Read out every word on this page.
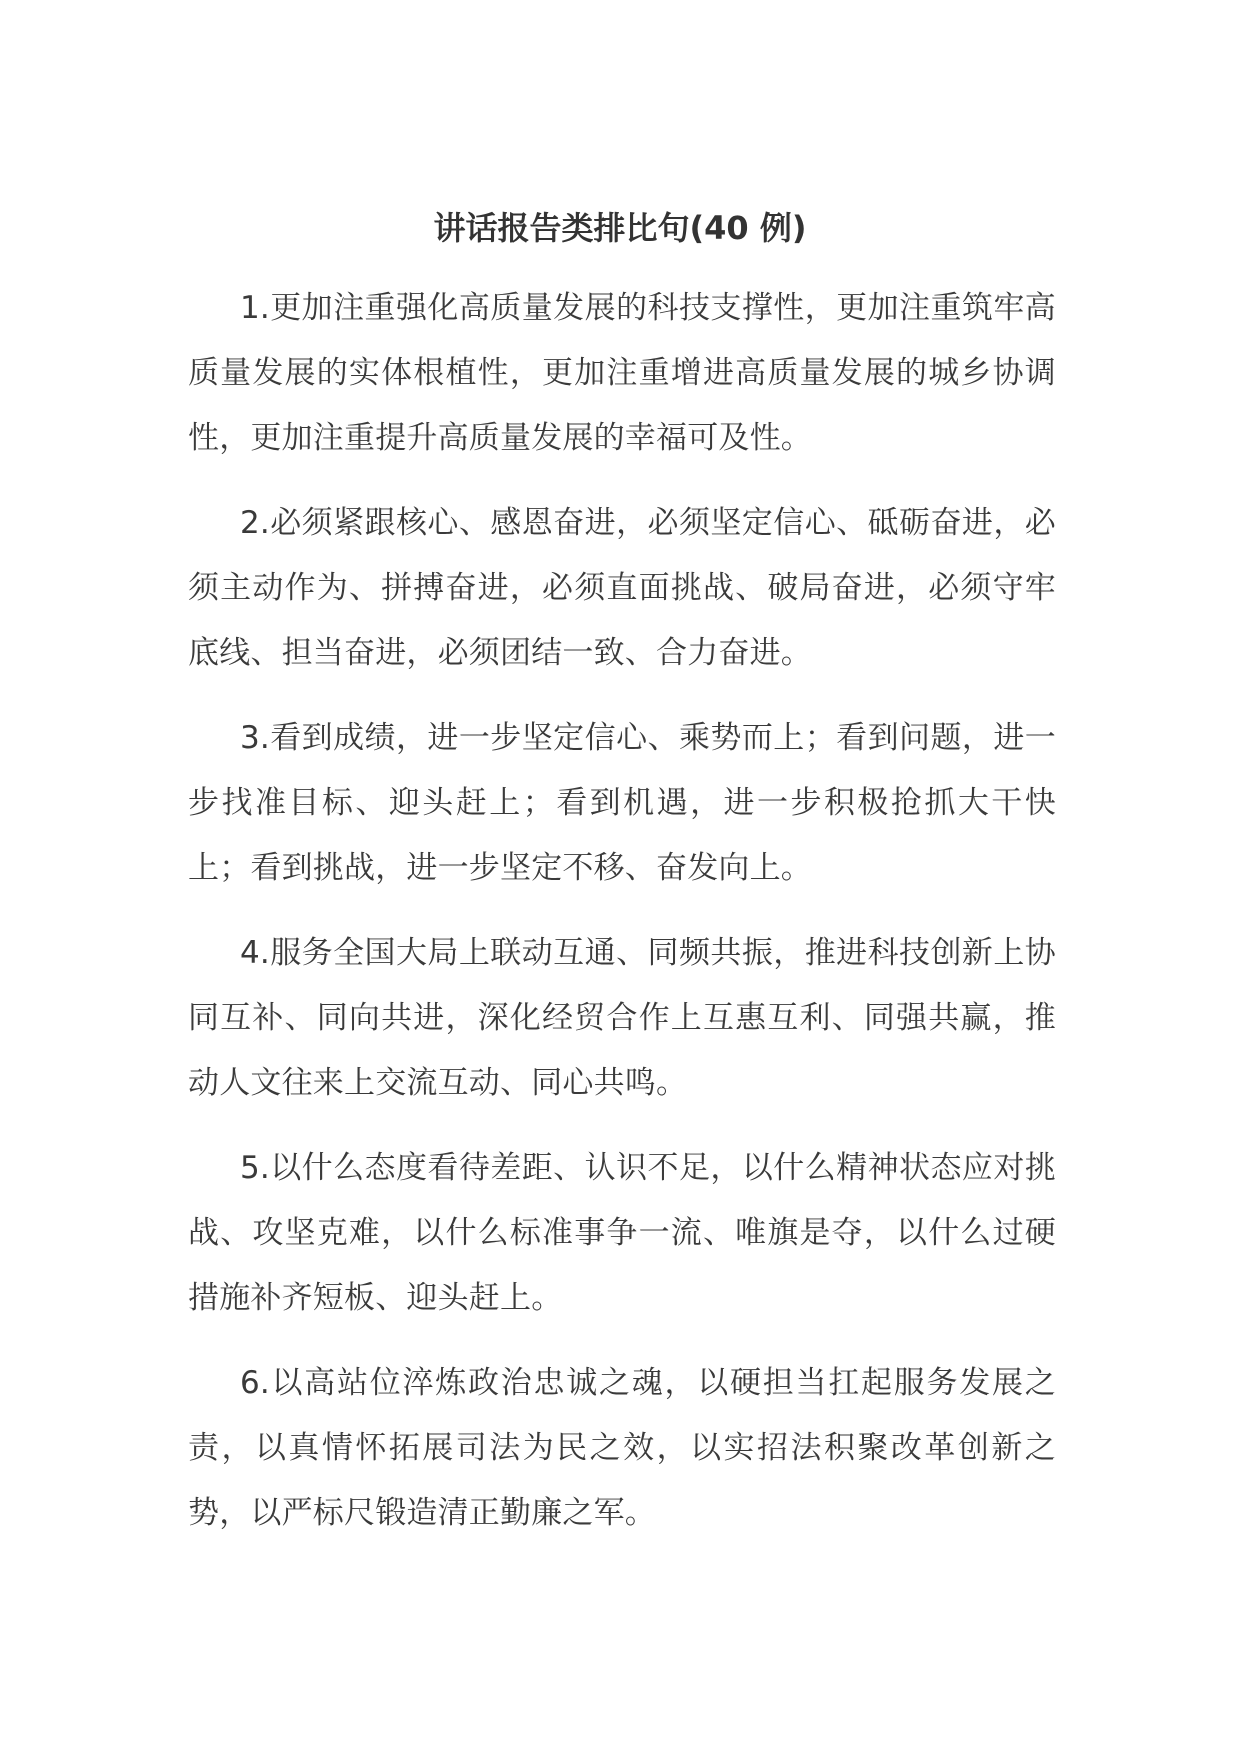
讲话报告类排比句(40 例)

1.更加注重强化高质量发展的科技支撑性，更加注重筑牢高质量发展的实体根植性，更加注重增进高质量发展的城乡协调性，更加注重提升高质量发展的幸福可及性。

2.必须紧跟核心、感恩奋进，必须坚定信心、砥砺奋进，必须主动作为、拼搏奋进，必须直面挑战、破局奋进，必须守牢底线、担当奋进，必须团结一致、合力奋进。

3.看到成绩，进一步坚定信心、乘势而上；看到问题，进一步找准目标、迎头赶上；看到机遇，进一步积极抢抓大干快上；看到挑战，进一步坚定不移、奋发向上。

4.服务全国大局上联动互通、同频共振，推进科技创新上协同互补、同向共进，深化经贸合作上互惠互利、同强共赢，推动人文往来上交流互动、同心共鸣。

5.以什么态度看待差距、认识不足，以什么精神状态应对挑战、攻坚克难，以什么标准事争一流、唯旗是夺，以什么过硬措施补齐短板、迎头赶上。

6.以高站位淬炼政治忠诚之魂，以硬担当扛起服务发展之责，以真情怀拓展司法为民之效，以实招法积聚改革创新之势，以严标尺锻造清正勤廉之军。
